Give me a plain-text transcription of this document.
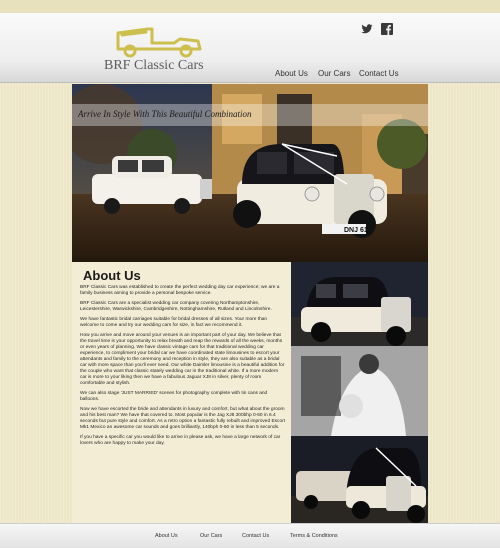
BRF Classic Cars
About Us Our Cars Contact Us
DNJ 612
Arrive In Style With This Beautiful Combination
About Us

BRF Classic Cars was established to create the perfect wedding day car experience; we are a family business aiming to provide a personal bespoke service.

BRF Classic Cars are a specialist wedding car company covering Northamptonshire, Leicestershire, Warwickshire, Cambridgeshire, Nottinghamshire, Rutland and Lincolnshire.

We have fantastic bridal carriages suitable for bridal dresses of all sizes. Your more than welcome to come and try our wedding cars for size, in fact we recommend it.

How you arrive and move around your venues is an important part of your day. We believe that the travel time is your opportunity to relax breath and reap the rewards of all the weeks, months or even years of planning. We have classic vintage cars for that traditional wedding car experience, to compliment your bridal car we have coordinated state limousines to escort your attendants and family to the ceremony and reception in style, they are also suitable as a bridal car with more space than you'll ever need. Our white Daimler limousine is a beautiful addition for the couple who want that classic stately wedding car in the traditional white. If a more modern car is more to your liking then we have a fabulous Jaguar XJ8 in silver, plenty of room comfortable and stylish.

We can also stage 'JUST MARRIED' scenes for photography complete with tin cans and balloons.

Now we have escorted the bride and attendants in luxury and comfort, but what about the groom and his best man? We have that covered to. Most popular is the Jag XJ8 300bhp 0-60 in 6.4 seconds but pure style and comfort. As a retro option a fantastic fully rebuilt and improved Escort Mk1 Mexico an awesome car sounds and goes brilliantly, 140bph 0-60 in less than 5 seconds.

If you have a specific car you would like to arrive in please ask, we have a large network of car lovers who are happy to make your day.

About Us	Our Cars	Contact Us	Terms & Conditions
